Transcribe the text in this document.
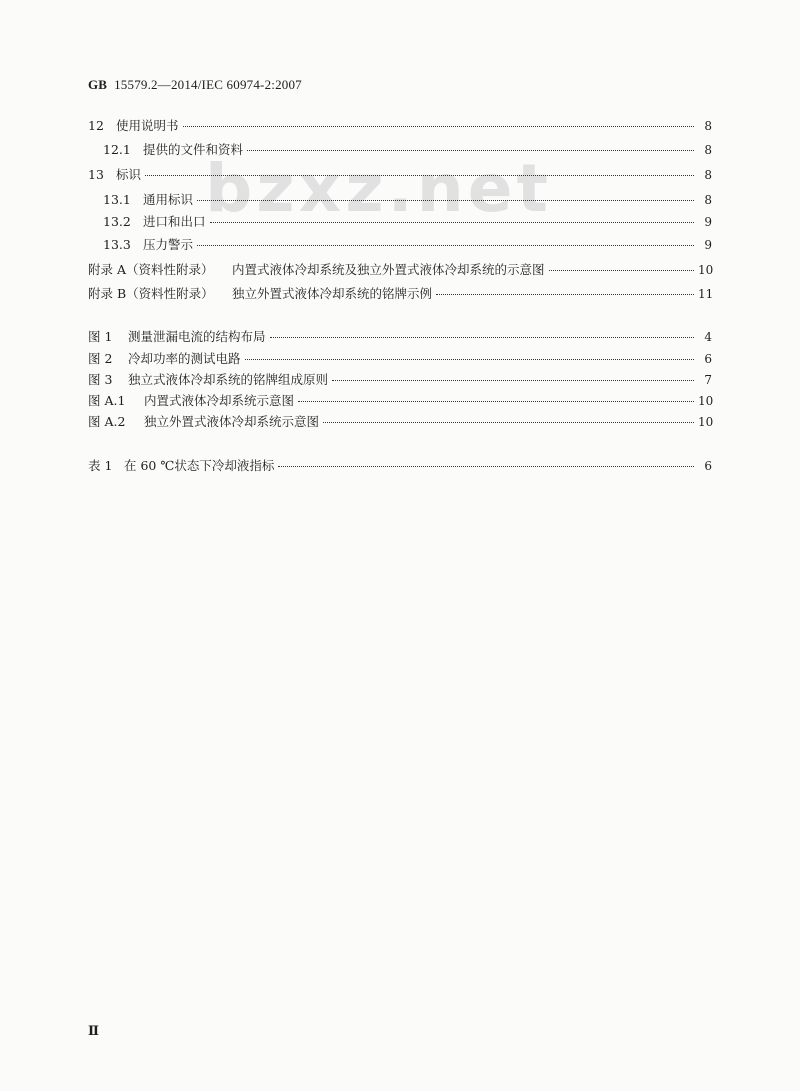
GB 15579.2—2014/IEC 60974-2:2007
bzxz.net
12 使用说明书	8
12.1 提供的文件和资料	8
13 标识	8
13.1 通用标识	8
13.2 进口和出口	9
13.3 压力警示	9
附录 A（资料性附录）	内置式液体冷却系统及独立外置式液体冷却系统的示意图	10
附录 B（资料性附录）	独立外置式液体冷却系统的铭牌示例	11
图 1	测量泄漏电流的结构布局	4
图 2	冷却功率的测试电路	6
图 3	独立式液体冷却系统的铭牌组成原则	7
图 A.1	内置式液体冷却系统示意图	10
图 A.2	独立外置式液体冷却系统示意图	10
表 1 在 60 ℃状态下冷却液指标	6
Ⅱ
